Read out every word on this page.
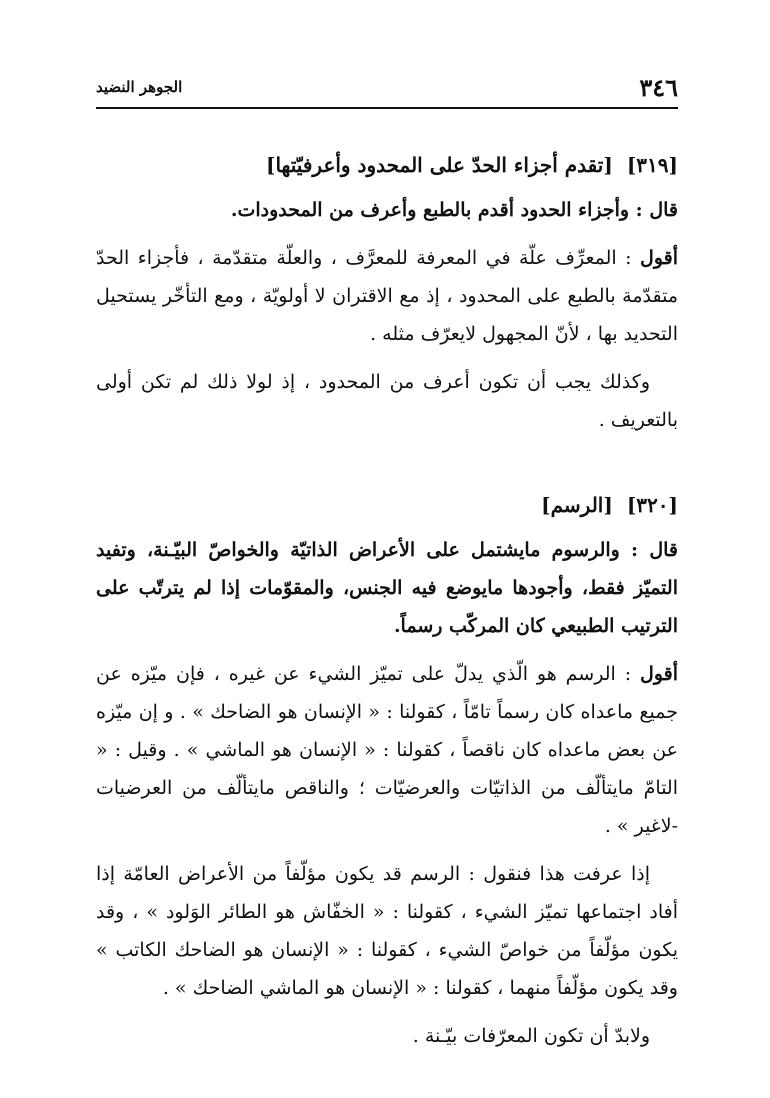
٣٤٦
الجوهر النضيد
[٣١٩][تقدم أجزاء الحدّ على المحدود وأعرفيّتها]

قال : وأجزاء الحدود أقدم بالطبع وأعرف من المحدودات.

أقول : المعرِّف علّة في المعرفة للمعرَّف ، والعلّة متقدّمة ، فأجزاء الحدّ متقدّمة بالطبع على المحدود ، إذ مع الاقتران لا أولويّة ، ومع التأخّر يستحيل التحديد بها ، لأنّ المجهول لايعرّف مثله .

وكذلك يجب أن تكون أعرف من المحدود ، إذ لولا ذلك لم تكن أولى بالتعريف .

[٣٢٠][الرسم]

قال : والرسوم مايشتمل على الأعراض الذاتيّة والخواصّ البيّـنة، وتفيد التميّز فقط، وأجودها مايوضع فيه الجنس، والمقوّمات إذا لم يترتّب على الترتيب الطبيعي كان المركّب رسماً.

أقول : الرسم هو الّذي يدلّ على تميّز الشيء عن غيره ، فإن ميّزه عن جميع ماعداه كان رسماً تامّاً ، كقولنا : « الإنسان هو الضاحك » . و إن ميّزه عن بعض ماعداه كان ناقصاً ، كقولنا : « الإنسان هو الماشي » . وقيل : « التامّ مايتألّف من الذاتيّات والعرضيّات ؛ والناقص مايتألّف من العرضيات -لاغير » .

إذا عرفت هذا فنقول : الرسم قد يكون مؤلّفاً من الأعراض العامّة إذا أفاد اجتماعها تميّز الشيء ، كقولنا : « الخفّاش هو الطائر الوَلود » ، وقد يكون مؤلّفاً من خواصّ الشيء ، كقولنا : « الإنسان هو الضاحك الكاتب » وقد يكون مؤلّفاً منهما ، كقولنا : « الإنسان هو الماشي الضاحك » .

ولابدّ أن تكون المعرّفات بيّـنة .
